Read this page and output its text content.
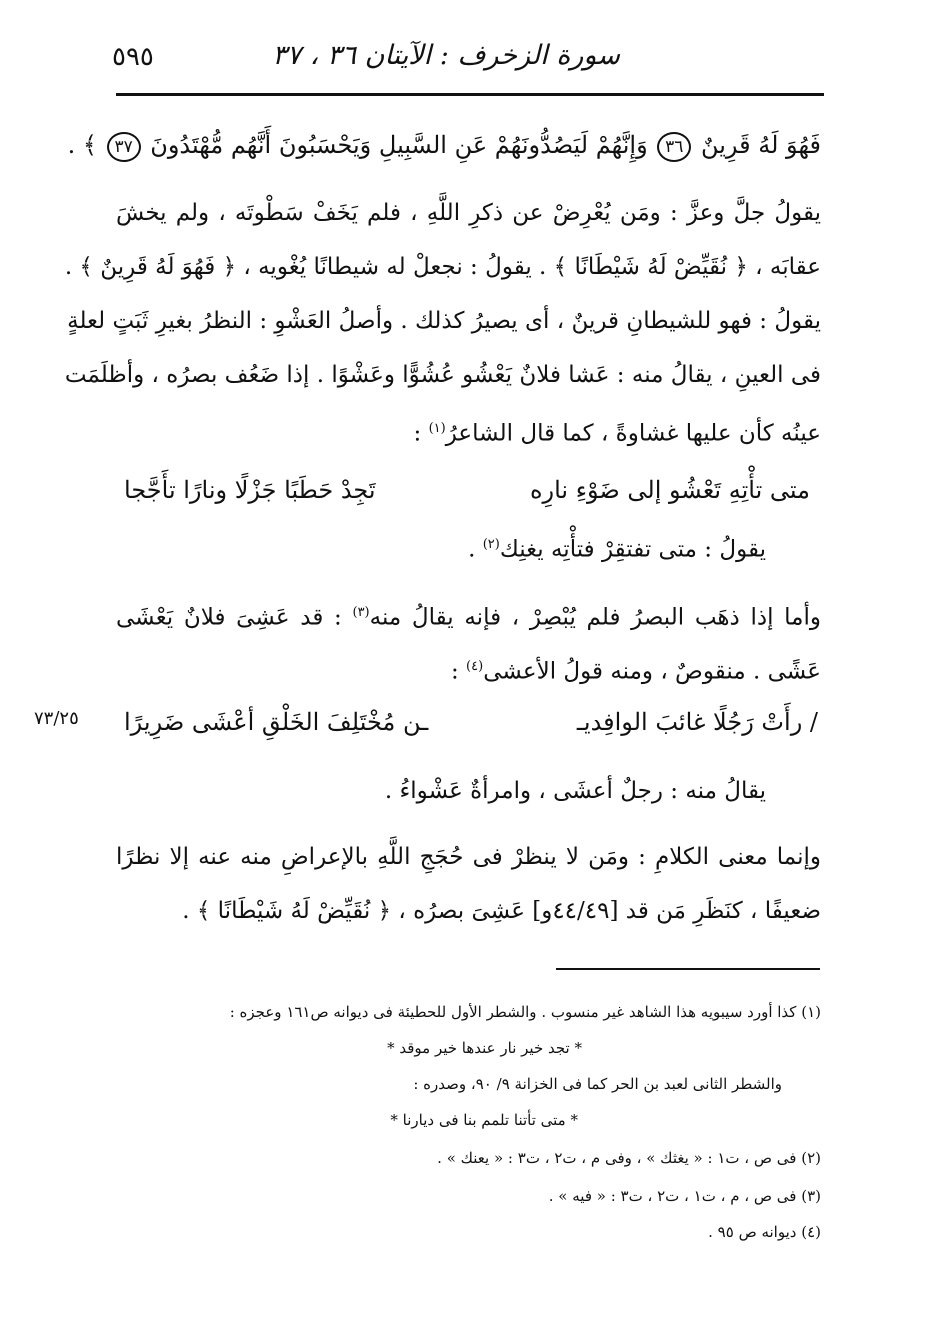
سورة الزخرف : الآيتان ٣٦ ، ٣٧
٥٩٥
فَهُوَ لَهُ قَرِينٌ ٣٦ وَإِنَّهُمْ لَيَصُدُّونَهُمْ عَنِ السَّبِيلِ وَيَحْسَبُونَ أَنَّهُم مُّهْتَدُونَ ٣٧ ﴾ .
يقولُ جلَّ وعزَّ : ومَن يُعْرِضْ عن ذكرِ اللَّهِ ، فلم يَخَفْ سَطْوتَه ، ولم يخشَ
عقابَه ، ﴿ نُقَيِّضْ لَهُ شَيْطَانًا ﴾ . يقولُ : نجعلْ له شيطانًا يُغْويه ، ﴿ فَهُوَ لَهُ قَرِينٌ ﴾ .
يقولُ : فهو للشيطانِ قرينٌ ، أى يصيرُ كذلك . وأصلُ العَشْوِ : النظرُ بغيرِ ثَبَتٍ لعلةٍ
فى العينِ ، يقالُ منه : عَشا فلانٌ يَعْشُو عُشُوًّا وعَشْوًا . إذا ضَعُف بصرُه ، وأظلَمَت
عينُه كأن عليها غشاوةً ، كما قال الشاعرُ$^{(١)}$ :
متى تأْتِهِ تَعْشُو إلى ضَوْءِ نارِه
تَجِدْ حَطَبًا جَزْلًا ونارًا تأَجَّجا
يقولُ : متى تفتقِرْ فتأْتِه يغنِك$^{(٢)}$ .
وأما إذا ذهَب البصرُ فلم يُبْصِرْ ، فإنه يقالُ منه$^{(٣)}$ : قد عَشِىَ فلانٌ يَعْشَى
عَشًى . منقوصٌ ، ومنه قولُ الأعشى$^{(٤)}$ :
/ رأَتْ رَجُلًا غائبَ الوافِديـ
ـن مُخْتَلِفَ الخَلْقِ أعْشَى ضَرِيرًا
٧٣/٢٥
يقالُ منه : رجلٌ أعشَى ، وامرأةٌ عَشْواءُ .
وإنما معنى الكلامِ : ومَن لا ينظرْ فى حُجَجِ اللَّهِ بالإعراضِ منه عنه إلا نظرًا
ضعيفًا ، كنَظَرِ مَن قد [٤٤/٤٩و] عَشِىَ بصرُه ، ﴿ نُقَيِّضْ لَهُ شَيْطَانًا ﴾ .
(١) كذا أورد سيبويه هذا الشاهد غير منسوب . والشطر الأول للحطيئة فى ديوانه ص١٦١ وعجزه :
* تجد خير نار عندها خير موقد *
والشطر الثانى لعبد بن الحر كما فى الخزانة ٩/ ٩٠، وصدره :
* متى تأتنا تلمم بنا فى ديارنا *
(٢) فى ص ، ت١ : « يغثك » ، وفى م ، ت٢ ، ت٣ : « يعنك » .
(٣) فى ص ، م ، ت١ ، ت٢ ، ت٣ : « فيه » .
(٤) ديوانه ص ٩٥ .
